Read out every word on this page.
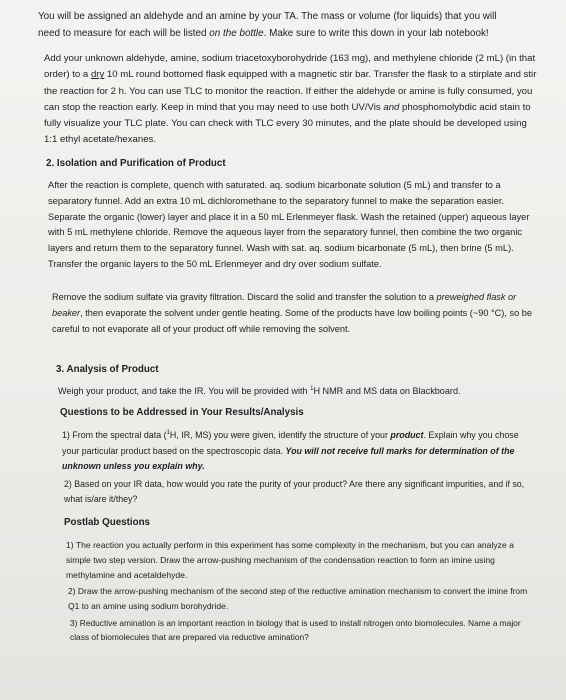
You will be assigned an aldehyde and an amine by your TA. The mass or volume (for liquids) that you will
need to measure for each will be listed on the bottle. Make sure to write this down in your lab notebook!

Add your unknown aldehyde, amine, sodium triacetoxyborohydride (163 mg), and methylene chloride (2 mL) (in that order) to a dry 10 mL round bottomed flask equipped with a magnetic stir bar. Transfer the flask to a stirplate and stir the reaction for 2 h. You can use TLC to monitor the reaction. If either the aldehyde or amine is fully consumed, you can stop the reaction early. Keep in mind that you may need to use both UV/Vis and phosphomolybdic acid stain to fully visualize your TLC plate. You can check with TLC every 30 minutes, and the plate should be developed using 1:1 ethyl acetate/hexanes.

2. Isolation and Purification of Product

After the reaction is complete, quench with saturated. aq. sodium bicarbonate solution (5 mL) and transfer to a separatory funnel. Add an extra 10 mL dichloromethane to the separatory funnel to make the separation easier. Separate the organic (lower) layer and place it in a 50 mL Erlenmeyer flask. Wash the retained (upper) aqueous layer with 5 mL methylene chloride. Remove the aqueous layer from the separatory funnel, then combine the two organic layers and return them to the separatory funnel. Wash with sat. aq. sodium bicarbonate (5 mL), then brine (5 mL). Transfer the organic layers to the 50 mL Erlenmeyer and dry over sodium sulfate.

Remove the sodium sulfate via gravity filtration. Discard the solid and transfer the solution to a preweighed flask or beaker, then evaporate the solvent under gentle heating. Some of the products have low boiling points (~90 °C), so be careful to not evaporate all of your product off while removing the solvent.

3. Analysis of Product

Weigh your product, and take the IR. You will be provided with $^1$H NMR and MS data on Blackboard.

Questions to be Addressed in Your Results/Analysis

1) From the spectral data ($^1$H, IR, MS) you were given, identify the structure of your product. Explain why you chose your particular product based on the spectroscopic data. You will not receive full marks for determination of the unknown unless you explain why.

2) Based on your IR data, how would you rate the purity of your product? Are there any significant impurities, and if so, what is/are it/they?

Postlab Questions

1) The reaction you actually perform in this experiment has some complexity in the mechanism, but you can analyze a simple two step version. Draw the arrow-pushing mechanism of the condensation reaction to form an imine using methylamine and acetaldehyde.

2) Draw the arrow-pushing mechanism of the second step of the reductive amination mechanism to convert the imine from Q1 to an amine using sodium borohydride.

3) Reductive amination is an important reaction in biology that is used to install nitrogen onto biomolecules. Name a major class of biomolecules that are prepared via reductive amination?
